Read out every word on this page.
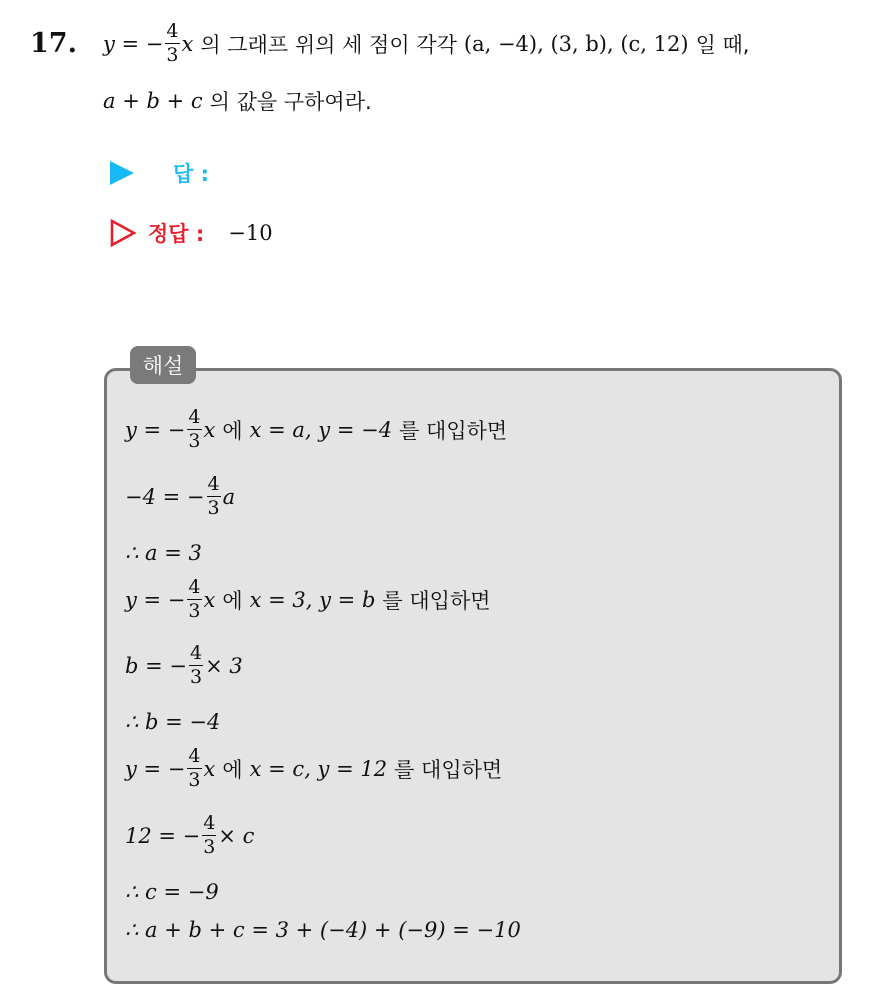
17. y = − $\frac{4}{3}$ x 의 그래프 위의 세 점이 각각 (a, −4), (3, b), (c, 12) 일 때,
a + b + c 의 값을 구하여라.
답 :
정답 : −10
해설
y = − $\frac{4}{3}$ x 에 x = a, y = −4 를 대입하면
−4 = − $\frac{4}{3}$ a
∴ a = 3
y = − $\frac{4}{3}$ x 에 x = 3, y = b 를 대입하면
b = − $\frac{4}{3} \times 3$
∴ b = −4
y = − $\frac{4}{3}$ x 에 x = c, y = 12 를 대입하면
12 = − $\frac{4}{3} \times c$
∴ c = −9
∴ a + b + c = 3 + (−4) + (−9) = −10
